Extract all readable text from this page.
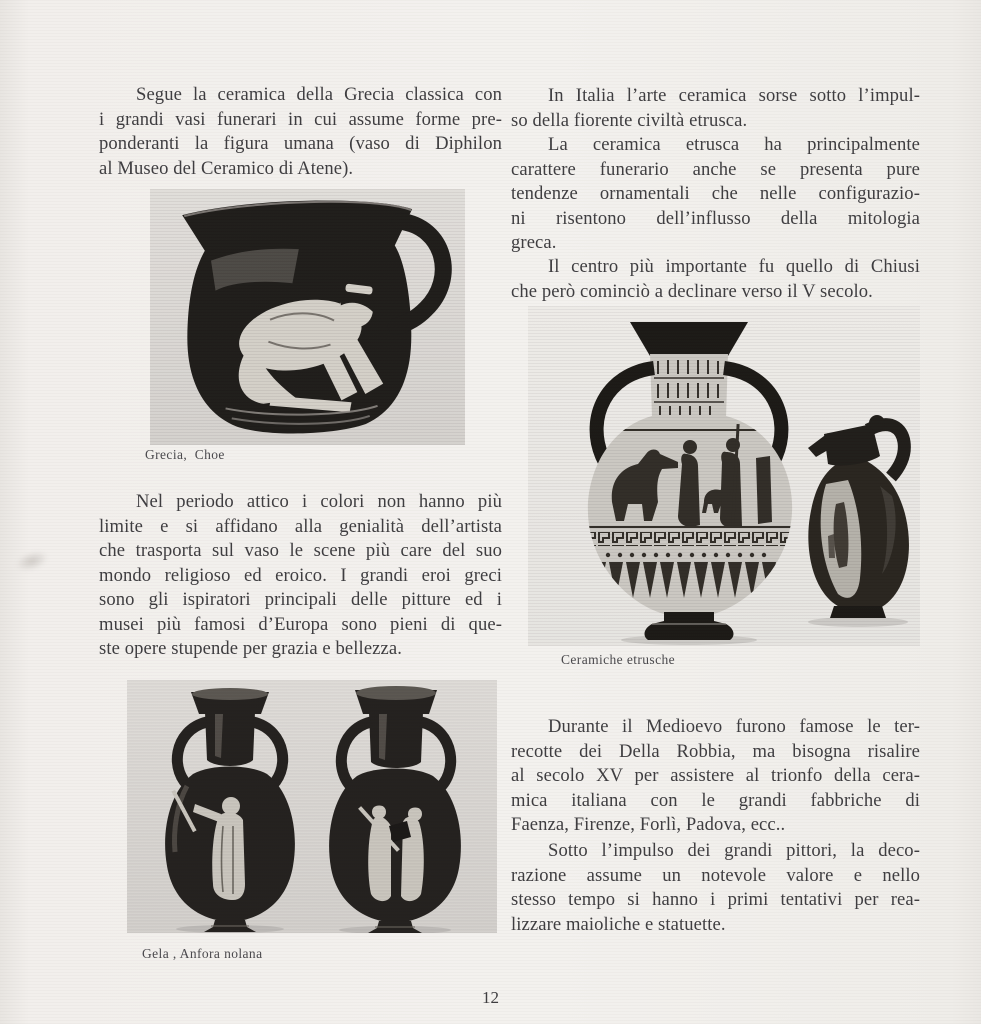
Segue la ceramica della Grecia classica con
i grandi vasi funerari in cui assume forme pre-
ponderanti la figura umana (vaso di Diphilon
al Museo del Ceramico di Atene).
Grecia,  Choe
Nel periodo attico i colori non hanno più
limite e si affidano alla genialità dell’artista
che trasporta sul vaso le scene più care del suo
mondo religioso ed eroico. I grandi eroi greci
sono gli ispiratori principali delle pitture ed i
musei più famosi d’Europa sono pieni di que-
ste opere stupende per grazia e bellezza.
Gela , Anfora nolana
In Italia l’arte ceramica sorse sotto l’impul-
so della fiorente civiltà etrusca.
La ceramica etrusca ha principalmente
carattere funerario anche se presenta pure
tendenze ornamentali che nelle configurazio-
ni risentono dell’influsso della mitologia
greca.
Il centro più importante fu quello di Chiusi
che però cominciò a declinare verso il V secolo.
Ceramiche etrusche
Durante il Medioevo furono famose le ter-
recotte dei Della Robbia, ma bisogna risalire
al secolo XV per assistere al trionfo della cera-
mica italiana con le grandi fabbriche di
Faenza, Firenze, Forlì, Padova, ecc..
Sotto l’impulso dei grandi pittori, la deco-
razione assume un notevole valore e nello
stesso tempo si hanno i primi tentativi per rea-
lizzare maioliche e statuette.
12
